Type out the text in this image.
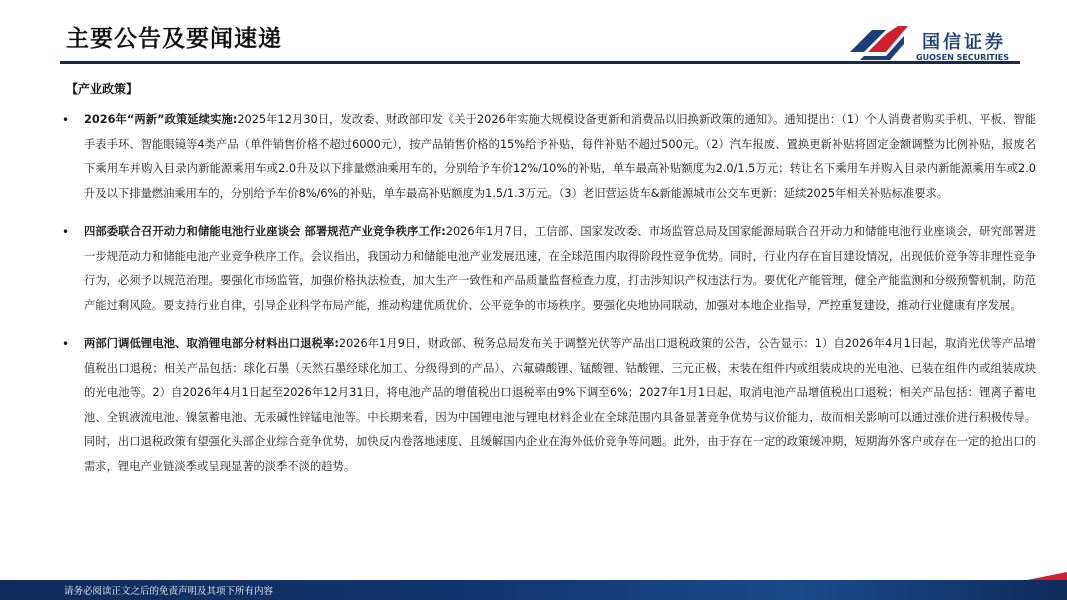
主要公告及要闻速递	国信证券
GUOSEN SECURITIES
【产业政策】
• 2026年“两新”政策延续实施:2025年12月30日，发改委、财政部印发《关于2026年实施大规模设备更新和消费品以旧换新政策的通知》。通知提出：（1）个人消费者购买手机、平板、智能手表手环、智能眼镜等4类产品（单件销售价格不超过6000元），按产品销售价格的15%给予补贴，每件补贴不超过500元。（2）汽车报废、置换更新补贴将固定金额调整为比例补贴，报废名下乘用车并购入目录内新能源乘用车或2.0升及以下排量燃油乘用车的，分别给予车价12%/10%的补贴，单车最高补贴额度为2.0/1.5万元；转让名下乘用车并购入目录内新能源乘用车或2.0升及以下排量燃油乘用车的，分别给予车价8%/6%的补贴，单车最高补贴额度为1.5/1.3万元。（3）老旧营运货车&新能源城市公交车更新：延续2025年相关补贴标准要求。
• 四部委联合召开动力和储能电池行业座谈会 部署规范产业竞争秩序工作:2026年1月7日，工信部、国家发改委、市场监管总局及国家能源局联合召开动力和储能电池行业座谈会，研究部署进一步规范动力和储能电池产业竞争秩序工作。会议指出，我国动力和储能电池产业发展迅速，在全球范围内取得阶段性竞争优势。同时，行业内存在盲目建设情况，出现低价竞争等非理性竞争行为，必须予以规范治理。要强化市场监管，加强价格执法检查，加大生产一致性和产品质量监督检查力度，打击涉知识产权违法行为。要优化产能管理，健全产能监测和分级预警机制，防范产能过剩风险。要支持行业自律，引导企业科学布局产能，推动构建优质优价、公平竞争的市场秩序。要强化央地协同联动，加强对本地企业指导，严控重复建设，推动行业健康有序发展。
• 两部门调低锂电池、取消锂电部分材料出口退税率:2026年1月9日，财政部、税务总局发布关于调整光伏等产品出口退税政策的公告，公告显示：1）自2026年4月1日起，取消光伏等产品增值税出口退税；相关产品包括：球化石墨（天然石墨经球化加工、分级得到的产品）、六氟磷酸锂、锰酸锂、钴酸锂、三元正极、未装在组件内或组装成块的光电池、已装在组件内或组装成块的光电池等。2）自2026年4月1日起至2026年12月31日，将电池产品的增值税出口退税率由9%下调至6%；2027年1月1日起，取消电池产品增值税出口退税；相关产品包括：锂离子蓄电池、全钒液流电池、镍氢蓄电池、无汞碱性锌锰电池等。中长期来看，因为中国锂电池与锂电材料企业在全球范围内具备显著竞争优势与议价能力，故而相关影响可以通过涨价进行积极传导。同时，出口退税政策有望强化头部企业综合竞争优势，加快反内卷落地速度、且缓解国内企业在海外低价竞争等问题。此外，由于存在一定的政策缓冲期，短期海外客户或存在一定的抢出口的需求，锂电产业链淡季或呈现显著的淡季不淡的趋势。
请务必阅读正文之后的免责声明及其项下所有内容
